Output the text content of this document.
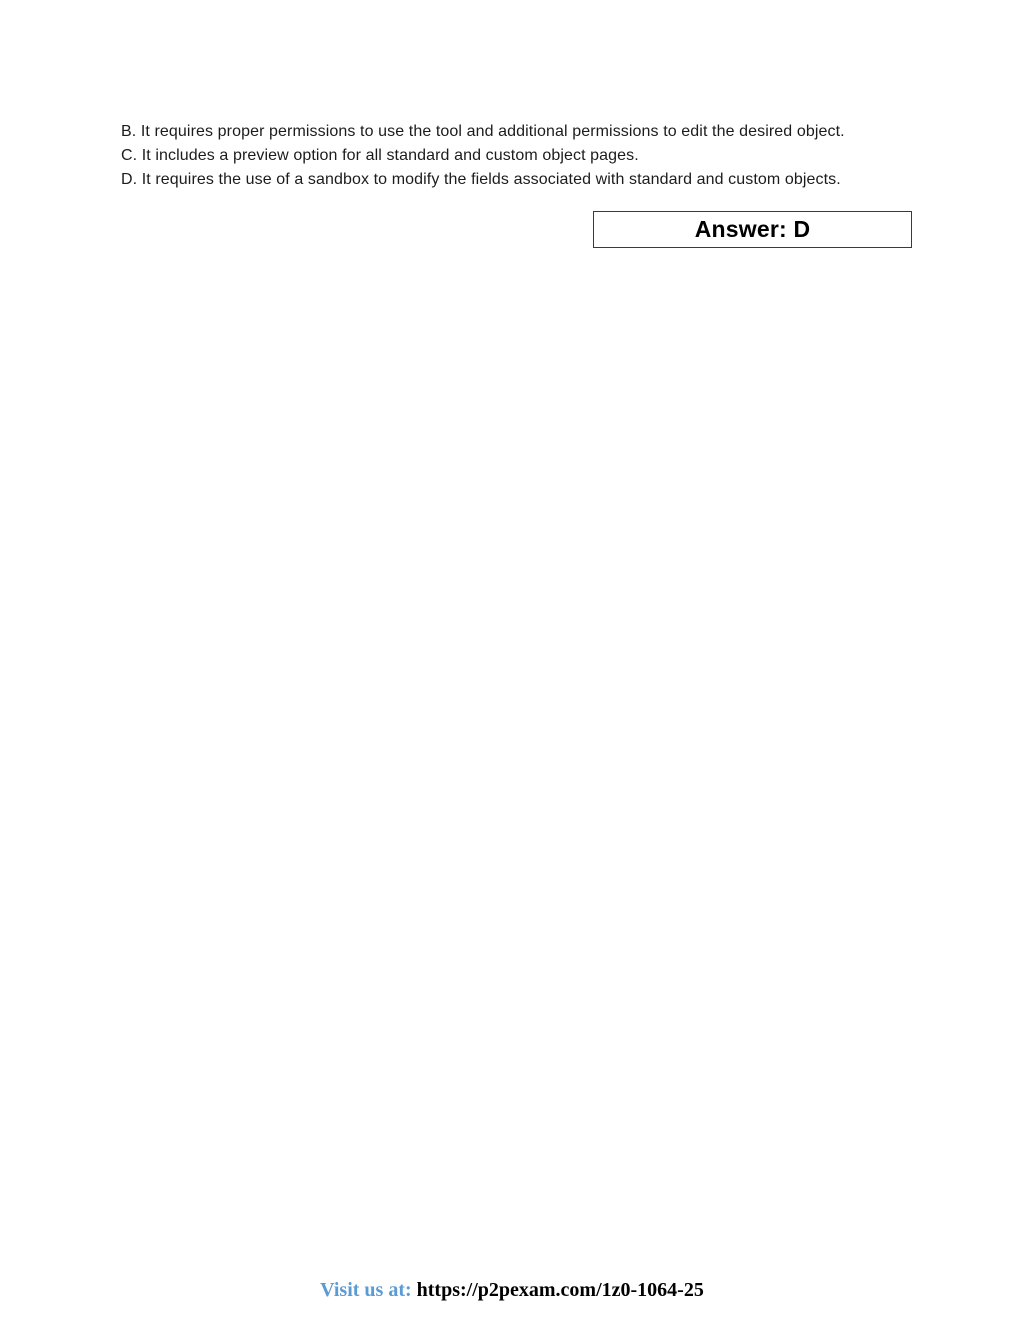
B. It requires proper permissions to use the tool and additional permissions to edit the desired object.
C. It includes a preview option for all standard and custom object pages.
D. It requires the use of a sandbox to modify the fields associated with standard and custom objects.
Answer: D
Visit us at: https://p2pexam.com/1z0-1064-25
